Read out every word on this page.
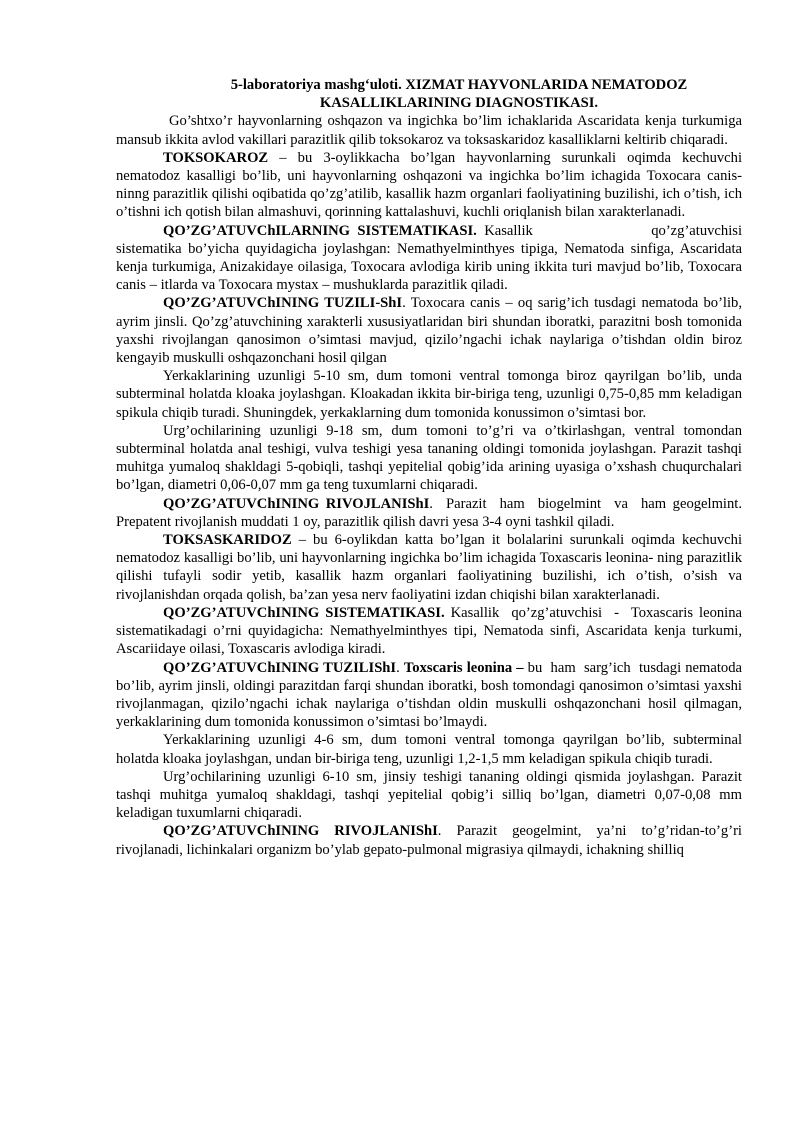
5-laboratoriya mashg‘uloti. XIZMAT HAYVONLARIDA NEMATODOZ
KASALLIKLARINING DIAGNOSTIKASI.

Go’shtxo’r hayvonlarning oshqazon va ingichka bo’lim ichaklarida Ascaridata kenja turkumiga mansub ikkita avlod vakillari parazitlik qilib toksokaroz va toksaskaridoz kasalliklarni keltirib chiqaradi.

TOKSOKAROZ – bu 3-oylikkacha bo’lgan hayvonlarning surunkali oqimda kechuvchi nematodoz kasalligi bo’lib, uni hayvonlarning oshqazoni va ingichka bo’lim ichagida Toxocara canis-ninng parazitlik qilishi oqibatida qo’zg’atilib, kasallik hazm organlari faoliyatining buzilishi, ich o’tish, ich o’tishni ich qotish bilan almashuvi, qorinning kattalashuvi, kuchli oriqlanish bilan xarakterlanadi.

QO’ZG’ATUVChILARNING SISTEMATIKASI. Kasallik                qo’zg’atuvchisi sistematika bo’yicha quyidagicha joylashgan: Nemathyelminthyes tipiga, Nematoda sinfiga, Ascaridata kenja turkumiga, Anizakidaye oilasiga, Toxocara avlodiga kirib uning ikkita turi mavjud bo’lib, Toxocara canis – itlarda va Toxocara mystax – mushuklarda parazitlik qiladi.

QO’ZG’ATUVChINING TUZILI-ShI. Toxocara canis – oq sarig’ich tusdagi nematoda bo’lib, ayrim jinsli. Qo’zg’atuvchining xarakterli xususiyatlaridan biri shundan iboratki, parazitni bosh tomonida yaxshi rivojlangan qanosimon o’simtasi mavjud, qizilo’ngachi ichak naylariga o’tishdan oldin biroz kengayib muskulli oshqazonchani hosil qilgan

Yerkaklarining uzunligi 5-10 sm, dum tomoni ventral tomonga biroz qayrilgan bo’lib, unda subterminal holatda kloaka joylashgan. Kloakadan ikkita bir-biriga teng, uzunligi 0,75-0,85 mm keladigan spikula chiqib turadi. Shuningdek, yerkaklarning dum tomonida konussimon o’simtasi bor.

Urg’ochilarining uzunligi 9-18 sm, dum tomoni to’g’ri va o’tkirlashgan, ventral tomondan subterminal holatda anal teshigi, vulva teshigi yesa tananing oldingi tomonida joylashgan. Parazit tashqi muhitga yumaloq shakldagi 5-qobiqli, tashqi yepitelial qobig’ida arining uyasiga o’xshash chuqurchalari bo’lgan, diametri 0,06-0,07 mm ga teng tuxumlarni chiqaradi.

QO’ZG’ATUVChINING RIVOJLANIShI.  Parazit  ham  biogelmint  va  ham geogelmint. Prepatent rivojlanish muddati 1 oy, parazitlik qilish davri yesa 3-4 oyni tashkil qiladi.

TOKSASKARIDOZ – bu 6-oylikdan katta bo’lgan it bolalarini surunkali oqimda kechuvchi nematodoz kasalligi bo’lib, uni hayvonlarning ingichka bo’lim ichagida Toxascaris leonina- ning parazitlik qilishi tufayli sodir yetib, kasallik hazm organlari faoliyatining buzilishi, ich o’tish, o’sish va rivojlanishdan orqada qolish, ba’zan yesa nerv faoliyatini izdan chiqishi bilan xarakterlanadi.

QO’ZG’ATUVChINING SISTEMATIKASI. Kasallik  qo’zg’atuvchisi  -  Toxascaris leonina sistematikadagi o’rni quyidagicha: Nemathyelminthyes tipi, Nematoda sinfi, Ascaridata kenja turkumi, Ascariidaye oilasi, Toxascaris avlodiga kiradi.

QO’ZG’ATUVChINING TUZILIShI. Toxscaris leonina – bu  ham  sarg’ich  tusdagi nematoda bo’lib, ayrim jinsli, oldingi parazitdan farqi shundan iboratki, bosh tomondagi qanosimon o’simtasi yaxshi rivojlanmagan, qizilo’ngachi ichak naylariga o’tishdan oldin muskulli oshqazonchani hosil qilmagan, yerkaklarining dum tomonida konussimon o’simtasi bo’lmaydi.

Yerkaklarining uzunligi 4-6 sm, dum tomoni ventral tomonga qayrilgan bo’lib, subterminal holatda kloaka joylashgan, undan bir-biriga teng, uzunligi 1,2-1,5 mm keladigan spikula chiqib turadi.

Urg’ochilarining uzunligi 6-10 sm, jinsiy teshigi tananing oldingi qismida joylashgan. Parazit tashqi muhitga yumaloq shakldagi, tashqi yepitelial qobig’i silliq bo’lgan, diametri 0,07-0,08 mm keladigan tuxumlarni chiqaradi.

QO’ZG’ATUVChINING RIVOJLANIShI. Parazit geogelmint, ya’ni to’g’ridan-to’g’ri rivojlanadi, lichinkalari organizm bo’ylab gepato-pulmonal migrasiya qilmaydi, ichakning shilliq
